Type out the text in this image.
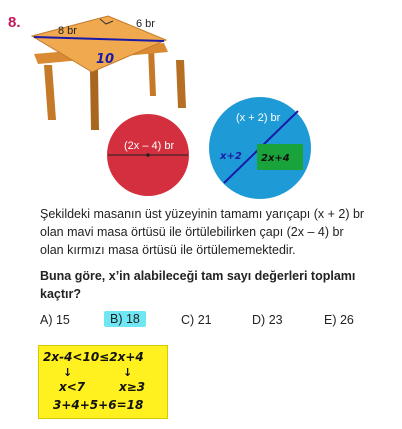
8.	8 br
6 br
10
(2x – 4) br
(x + 2) br
x+2 2x+4

Şekildeki masanın üst yüzeyinin tamamı yarıçapı (x + 2) br olan mavi masa örtüsü ile örtülebilirken çapı (2x – 4) br olan kırmızı masa örtüsü ile örtülememektedir.

Buna göre, x’in alabileceği tam sayı değerleri toplamı kaçtır?

A) 15	B) 18	C) 21	D) 23	E) 26
2x-4<10≤2x+4
↓	↓
x<7	x≥3
3+4+5+6=18
